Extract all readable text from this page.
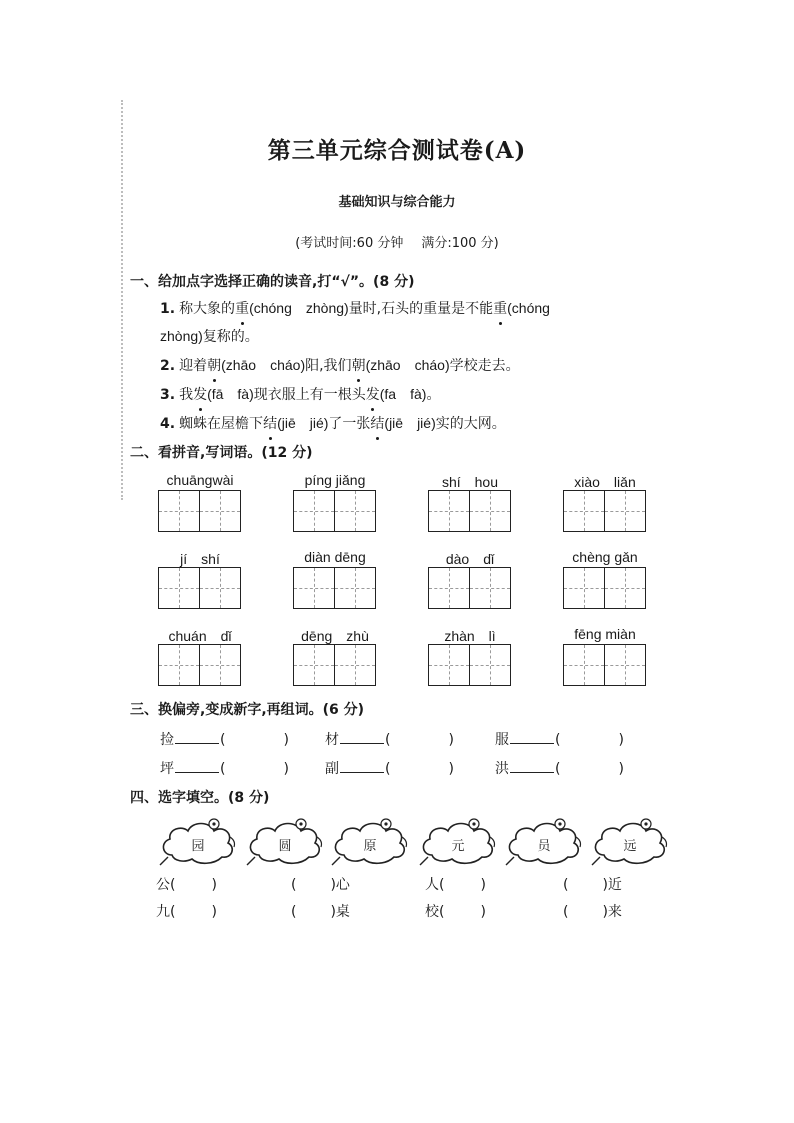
第三单元综合测试卷(A)
基础知识与综合能力
(考试时间:60 分钟 满分:100 分)
一、给加点字选择正确的读音,打“√”。(8 分)
1. 称大象的重(chóng　zhòng)量时,石头的重量是不能重(chóng
zhòng)复称的。
2. 迎着朝(zhāo　cháo)阳,我们朝(zhāo　cháo)学校走去。
3. 我发(fā　fà)现衣服上有一根头发(fa　fà)。
4. 蜘蛛在屋檐下结(jiē　jié)了一张结(jiē　jié)实的大网。
二、看拼音,写词语。(12 分)
chuāngwài	píng jiǎng	shí　hou	xiào　liǎn
jí　shí	diàn dēng	dào　dǐ	chèng gǎn
chuán　dǐ	dēng　zhù	zhàn　lì	fēng miàn
三、换偏旁,变成新字,再组词。(6 分)
捡	(	)	材	(	)	服	(	)
坪	(	)	副	(	)	洪	(	)
四、选字填空。(8 分)
园	圆	原	元	员	远
公(	)	( )心	人(	)	( )近
九(	)	( )桌	校(	)	( )来
